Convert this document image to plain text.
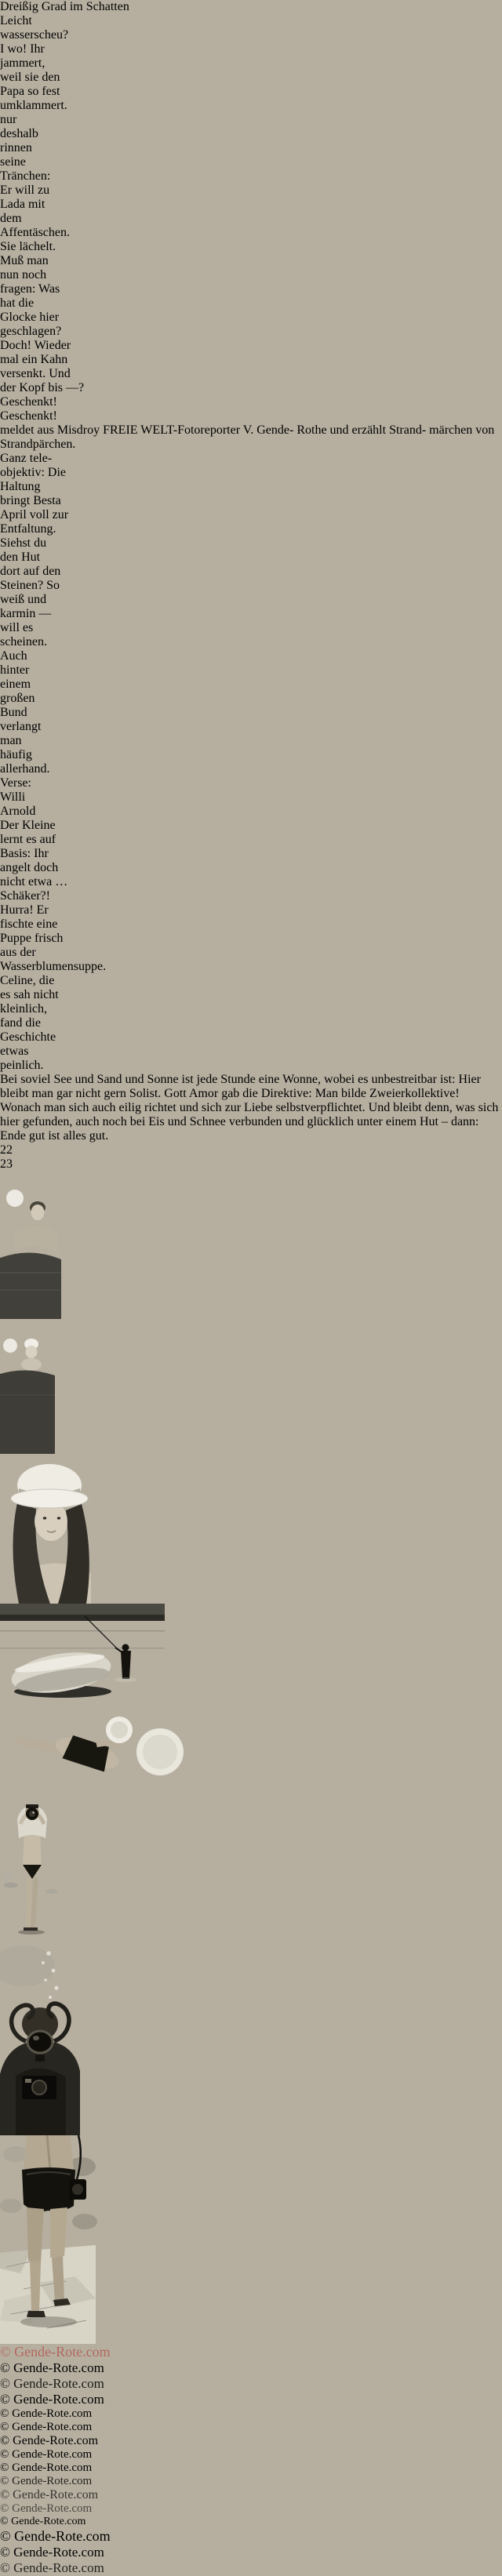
Dreißig Grad im Schatten
Leicht wasserscheu? I wo! Ihr jammert, weil sie den Papa so fest umklammert.
nur deshalb rinnen seine Tränchen: Er will zu Lada mit dem Affentäschen.
Sie lächelt. Muß man nun noch fragen: Was hat die Glocke hier geschlagen?
Doch! Wieder mal ein Kahn versenkt. Und der Kopf bis —? Geschenkt! Geschenkt!
meldet aus Misdroy FREIE WELT-Fotoreporter V. Gende- Rothe und erzählt Strand- märchen von Strandpärchen.
Ganz tele-objektiv: Die Haltung bringt Besta April voll zur Entfaltung.
Siehst du den Hut dort auf den Steinen? So weiß und karmin — will es scheinen.
Auch hinter einem großen Bund verlangt man häufig allerhand.
Verse: Willi Arnold
Der Kleine lernt es auf Basis: Ihr angelt doch nicht etwa … Schäker?!
Hurra! Er fischte eine Puppe frisch aus der Wasserblumensuppe.
Celine, die es sah nicht kleinlich, fand die Geschichte etwas peinlich.
Bei soviel See und Sand und Sonne ist jede Stunde eine Wonne, wobei es unbestreitbar ist: Hier bleibt man gar nicht gern Solist. Gott Amor gab die Direktive: Man bilde Zweierkollektive! Wonach man sich auch eilig richtet und sich zur Liebe selbstverpflichtet. Und bleibt denn, was sich hier gefunden, auch noch bei Eis und Schnee verbunden und glücklich unter einem Hut – dann: Ende gut ist alles gut.
22
23
© Gende-Rote.com
© Gende-Rote.com
© Gende-Rote.com
© Gende-Rote.com
© Gende-Rote.com
© Gende-Rote.com
© Gende-Rote.com
© Gende-Rote.com
© Gende-Rote.com
© Gende-Rote.com
© Gende-Rote.com
© Gende-Rote.com
© Gende-Rote.com
© Gende-Rote.com
© Gende-Rote.com
© Gende-Rote.com
